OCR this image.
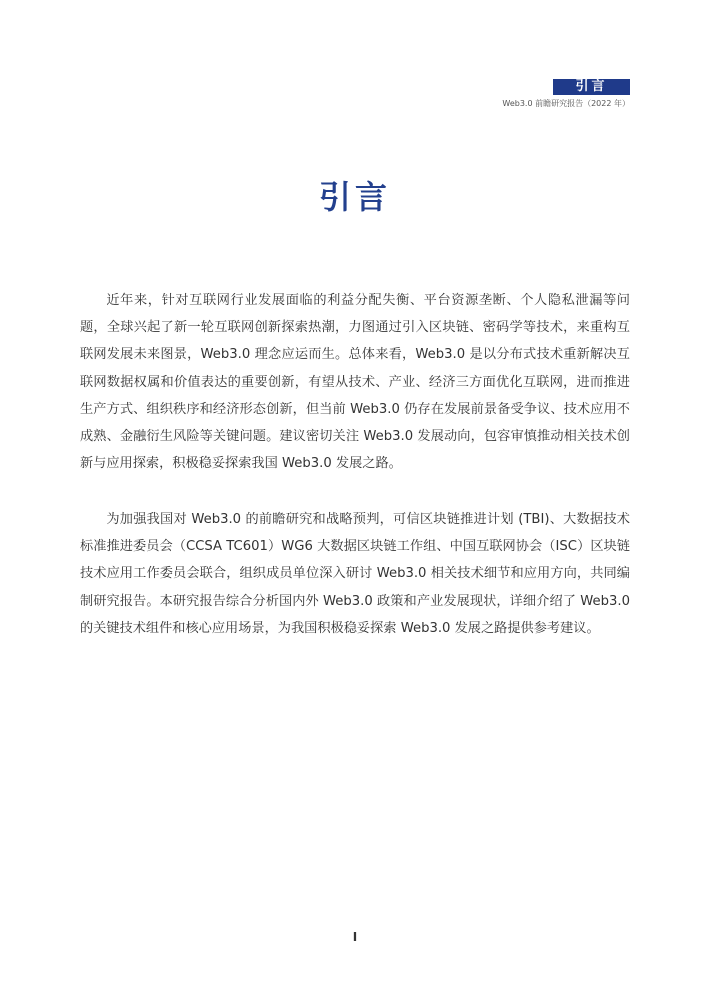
引言
Web3.0 前瞻研究报告（2022 年）
引言

近年来，针对互联网行业发展面临的利益分配失衡、平台资源垄断、个人隐私泄漏等问题，全球兴起了新一轮互联网创新探索热潮，力图通过引入区块链、密码学等技术，来重构互联网发展未来图景，Web3.0 理念应运而生。总体来看，Web3.0 是以分布式技术重新解决互联网数据权属和价值表达的重要创新，有望从技术、产业、经济三方面优化互联网，进而推进生产方式、组织秩序和经济形态创新，但当前 Web3.0 仍存在发展前景备受争议、技术应用不成熟、金融衍生风险等关键问题。建议密切关注 Web3.0 发展动向，包容审慎推动相关技术创新与应用探索，积极稳妥探索我国 Web3.0 发展之路。

为加强我国对 Web3.0 的前瞻研究和战略预判，可信区块链推进计划 (TBI)、大数据技术标准推进委员会（CCSA TC601）WG6 大数据区块链工作组、中国互联网协会（ISC）区块链技术应用工作委员会联合，组织成员单位深入研讨 Web3.0 相关技术细节和应用方向，共同编制研究报告。本研究报告综合分析国内外 Web3.0 政策和产业发展现状，详细介绍了 Web3.0 的关键技术组件和核心应用场景，为我国积极稳妥探索 Web3.0 发展之路提供参考建议。

I
